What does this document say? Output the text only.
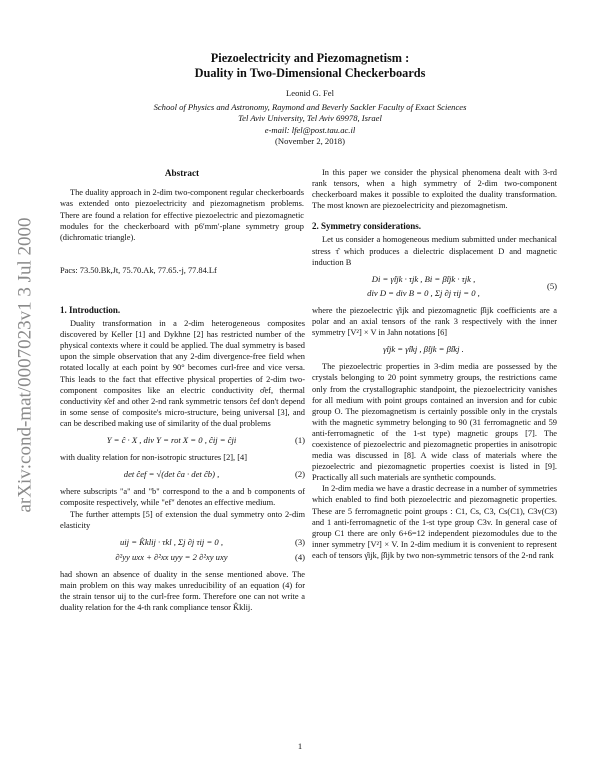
arXiv:cond-mat/0007023v1 3 Jul 2000
Piezoelectricity and Piezomagnetism :
Duality in Two-Dimensional Checkerboards
Leonid G. Fel
School of Physics and Astronomy, Raymond and Beverly Sackler Faculty of Exact Sciences
Tel Aviv University, Tel Aviv 69978, Israel
e-mail: lfel@post.tau.ac.il
(November 2, 2018)
Abstract
The duality approach in 2-dim two-component regular checkerboards was extended onto piezoelectricity and piezomagnetism problems. There are found a relation for effective piezoelectric and piezomagnetic modules for the checkerboard with p6′mm′-plane symmetry group (dichromatic triangle).
Pacs: 73.50.Bk,Jt, 75.70.Ak, 77.65.-j, 77.84.Lf
1. Introduction.

Duality transformation in a 2-dim heterogeneous composites discovered by Keller [1] and Dykhne [2] has restricted number of the physical contexts where it could be applied. The dual symmetry is based upon the simple observation that any 2-dim divergence-free field when rotated locally at each point by 90° becomes curl-free and vice versa. This leads to the fact that effective physical properties of 2-dim two-component composites like an electric conductivity σ̂ef, thermal conductivity κ̂ef and other 2-nd rank symmetric tensors ĉef don't depend in some sense of composite's micro-structure, being universal [3], and can be described making use of similarity of the dual problems

Y = ĉ · X , div Y = rot X = 0 , ĉij = ĉji	(1)

with duality relation for non-isotropic structures [2], [4]

det ĉef = √(det ĉa · det ĉb) ,	(2)

where subscripts "a" and "b" correspond to the a and b components of composite respectively, while "ef" denotes an effective medium.

The further attempts [5] of extension the dual symmetry onto 2-dim elasticity

uij = K̂klij · τkl , Σj ∂j τij = 0 ,	(3)
∂²yy uxx + ∂²xx uyy = 2 ∂²xy uxy	(4)

had shown an absence of duality in the sense mentioned above. The main problem on this way makes unreducibility of an equation (4) for the strain tensor uij to the curl-free form. Therefore one can not write a duality relation for the 4-th rank compliance tensor K̂klij.

In this paper we consider the physical phenomena dealt with 3-rd rank tensors, when a high symmetry of 2-dim two-component checkerboard makes it possible to exploited the duality transformation. The most known are piezoelectricity and piezomagnetism.

2. Symmetry considerations.

Let us consider a homogeneous medium submitted under mechanical stress τ̂ which produces a dielectric displacement D and magnetic induction B

Di = γ̂ijk · τjk , Bi = β̂ijk · τjk ,
div D = div B = 0 , Σj ∂j τij = 0 ,
(5)

where the piezoelectric γ̂ijk and piezomagnetic β̂ijk coefficients are a polar and an axial tensors of the rank 3 respectively with the inner symmetry [V²] × V in Jahn notations [6]

γ̂ijk = γ̂ikj , β̂ijk = β̂ikj .

The piezoelectric properties in 3-dim media are possessed by the crystals belonging to 20 point symmetry groups, the restrictions came only from the crystallographic standpoint, the piezoelectricity vanishes for all medium with point groups contained an inversion and for cubic group O. The piezomagnetism is certainly possible only in the crystals with the magnetic symmetry belonging to 90 (31 ferromagnetic and 59 anti-ferromagnetic of the 1-st type) magnetic groups [7]. The coexistence of piezoelectric and piezomagnetic properties in anisotropic media was discussed in [8]. A wide class of materials where the piezoelectric and piezomagnetic properties coexist is listed in [9]. Practically all such materials are synthetic compounds.

In 2-dim media we have a drastic decrease in a number of symmetries which enabled to find both piezoelectric and piezomagnetic properties. These are 5 ferromagnetic point groups : C1, Cs, C3, Cs(C1), C3v(C3) and 1 anti-ferromagnetic of the 1-st type group C3v. In general case of group C1 there are only 6+6=12 independent piezomodules due to the inner symmetry [V²] × V. In 2-dim medium it is convenient to represent each of tensors γ̂ijk, β̂ijk by two non-symmetric tensors of the 2-nd rank

1
